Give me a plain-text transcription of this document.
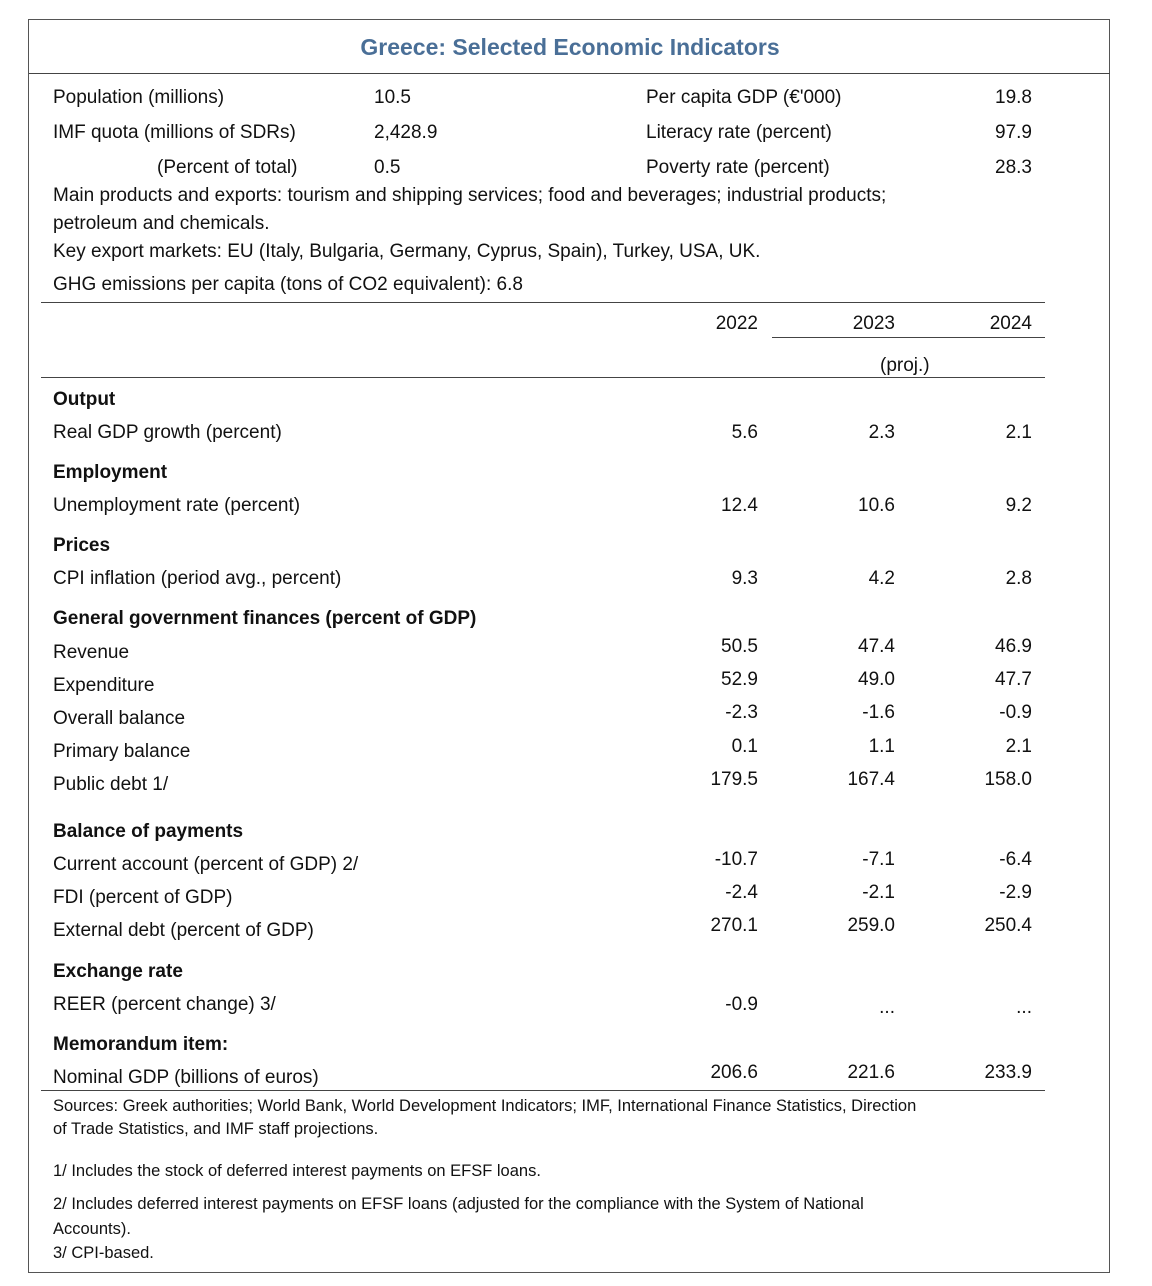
Greece: Selected Economic Indicators
Population (millions)	10.5	Per capita GDP (€'000)	19.8
IMF quota (millions of SDRs)	2,428.9	Literacy rate (percent)	97.9
(Percent of total)	0.5	Poverty rate (percent)	28.3
Main products and exports: tourism and shipping services; food and beverages; industrial products;
petroleum and chemicals.
Key export markets: EU (Italy, Bulgaria, Germany, Cyprus, Spain), Turkey, USA, UK.
GHG emissions per capita (tons of CO2 equivalent): 6.8
2022	2023	2024
(proj.)
Output
Real GDP growth (percent)	5.6	2.3	2.1
Employment
Unemployment rate (percent)	12.4	10.6	9.2
Prices
CPI inflation (period avg., percent)	9.3	4.2	2.8
General government finances (percent of GDP)
Revenue	50.5	47.4	46.9
Expenditure	52.9	49.0	47.7
Overall balance	-2.3	-1.6	-0.9
Primary balance	0.1	1.1	2.1
Public debt 1/	179.5	167.4	158.0
Balance of payments
Current account (percent of GDP) 2/	-10.7	-7.1	-6.4
FDI (percent of GDP)	-2.4	-2.1	-2.9
External debt (percent of GDP)	270.1	259.0	250.4
Exchange rate
REER (percent change) 3/	-0.9	...	...
Memorandum item:
Nominal GDP (billions of euros)	206.6	221.6	233.9
Sources: Greek authorities; World Bank, World Development Indicators; IMF, International Finance Statistics, Direction
of Trade Statistics, and IMF staff projections.
1/ Includes the stock of deferred interest payments on EFSF loans.
2/ Includes deferred interest payments on EFSF loans (adjusted for the compliance with the System of National
Accounts).
3/ CPI-based.
